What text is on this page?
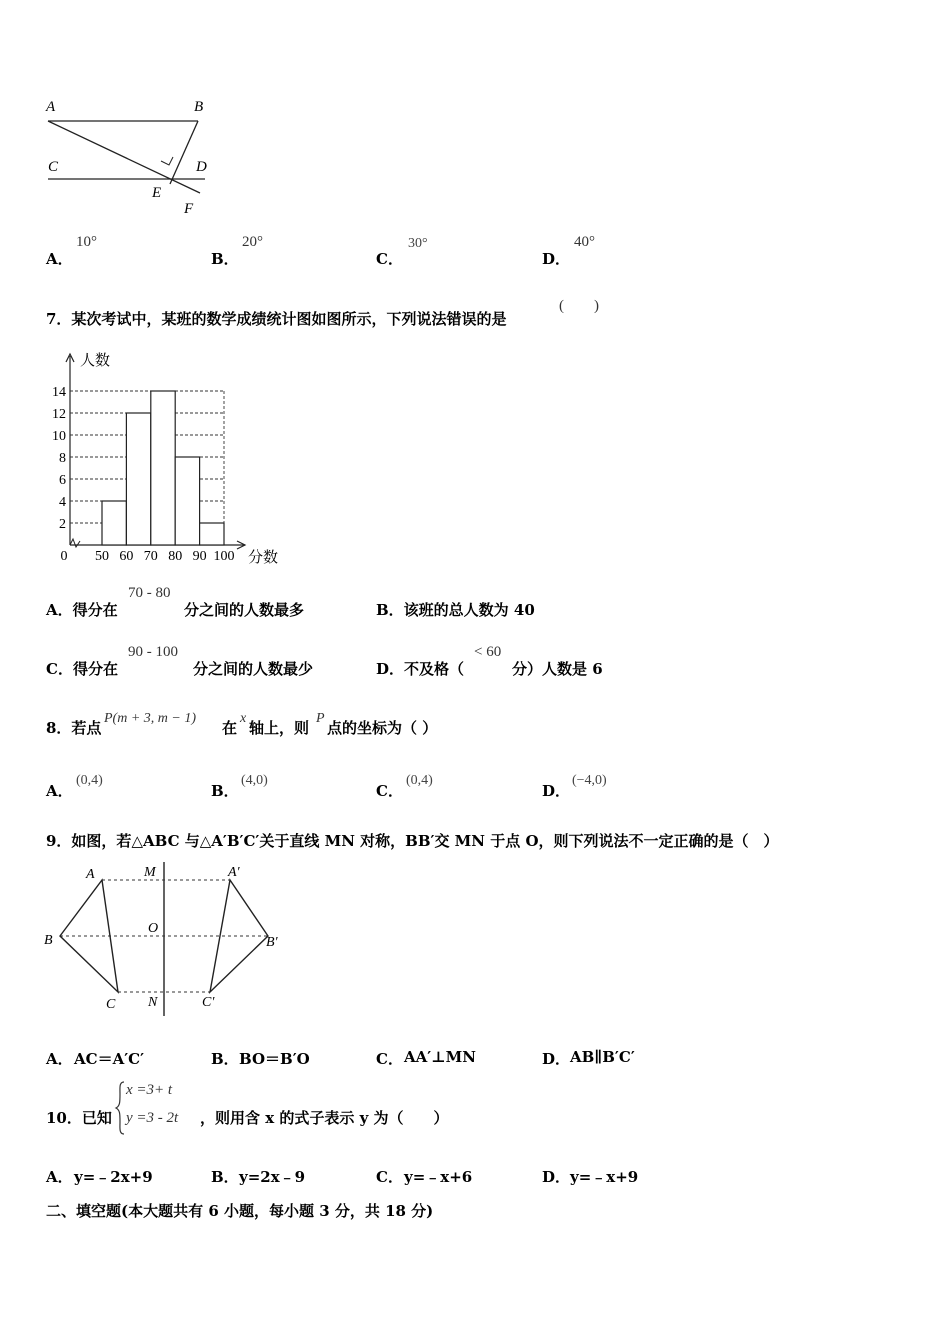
A	B
C	D
E
F
A．
10°
B．
20°
C．
30°
D．
40°
7．某次考试中，某班的数学成绩统计图如图所示，下列说法错误的是
(　　)
2
4
6
8
10
12
14
0 50 60 70 80 90 100
人数
分数
A．得分在
70 - 80
分之间的人数最多	B．该班的总人数为 40
C．得分在
90 - 100
分之间的人数最少	D．不及格（
< 60
分）人数是 6
8．若点
P(m + 3, m − 1)
在
x
轴上，则
P
点的坐标为（ ）
A．
(0,4)
B．
(4,0)
C．
(0,4)
D．
(−4,0)
9．如图，若△ABC 与△A′B′C′关于直线 MN 对称，BB′交 MN 于点 O，则下列说法不一定正确的是（　）
A	M	A′
B
O
B′
C N	C′
A． AC＝A′C′	B． BO＝B′O	C． AA′⊥MN	D． AB∥B′C′
10．已知
x =3+ t
y =3 - 2t ，则用含 x 的式子表示 y 为（　　）
A． y=﹣2x+9	B． y=2x﹣9	C． y=﹣x+6	D． y=﹣x+9
二、填空题(本大题共有 6 小题，每小题 3 分，共 18 分)
